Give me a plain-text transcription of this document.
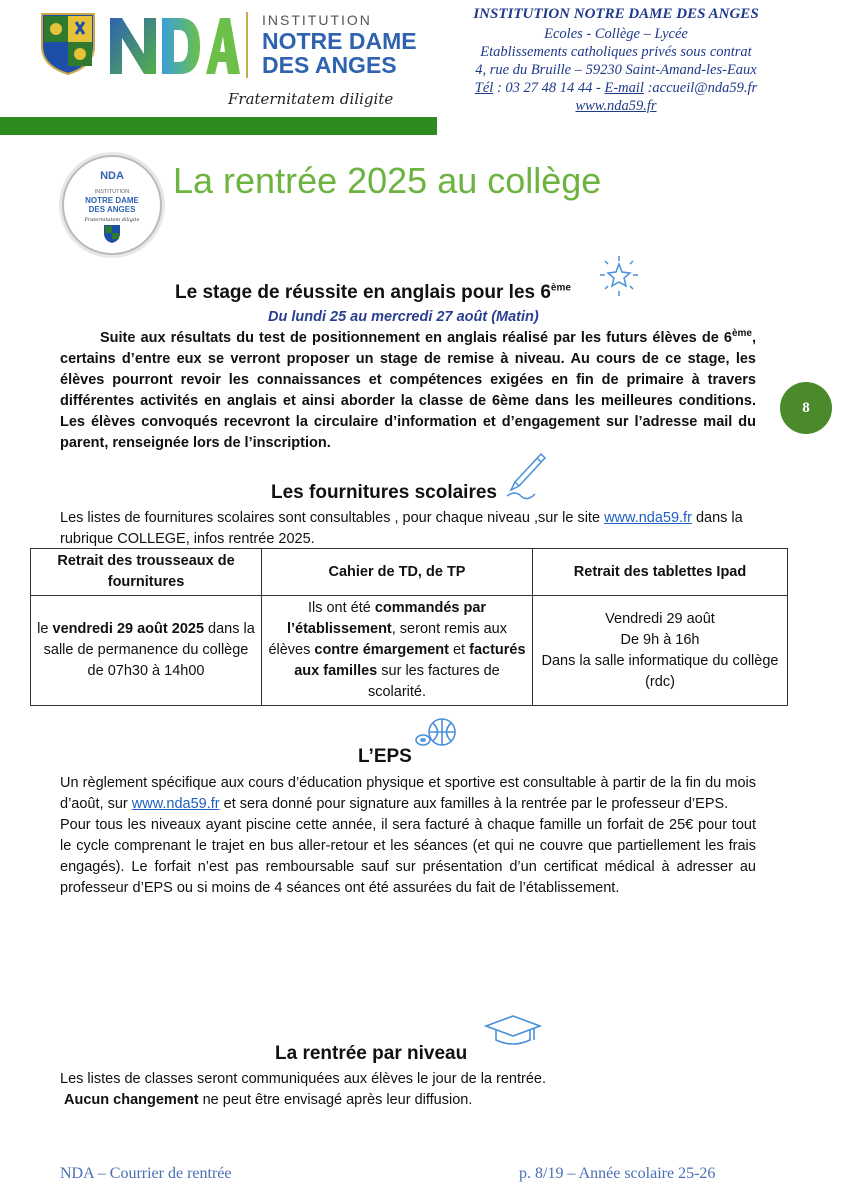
INSTITUTION
NOTRE DAME
DES ANGES
Fraternitatem diligite
INSTITUTION NOTRE DAME DES ANGES
Ecoles - Collège – Lycée
Etablissements catholiques privés sous contrat
4, rue du Bruille – 59230 Saint-Amand-les-Eaux
Tél : 03 27 48 14 44 - E-mail :accueil@nda59.fr
www.nda59.fr
NDA
INSTITUTION
NOTRE DAME
DES ANGES
Fraternitatem diligite
La rentrée 2025 au collège
Le stage de réussite en anglais pour les 6ème
Du lundi 25 au mercredi 27 août (Matin)
Suite aux résultats du test de positionnement en anglais réalisé par les futurs élèves de 6ème, certains d’entre eux se verront proposer un stage de remise à niveau. Au cours de ce stage, les élèves pourront revoir les connaissances et compétences exigées en fin de primaire à travers différentes activités en anglais et ainsi aborder la classe de 6ème dans les meilleures conditions. Les élèves convoqués recevront la circulaire d’information et d’engagement sur l’adresse mail du parent, renseignée lors de l’inscription.
8
Les fournitures scolaires
Les listes de fournitures scolaires sont consultables , pour chaque niveau ,sur le site www.nda59.fr dans la rubrique COLLEGE, infos rentrée 2025.
Retrait des trousseaux de fournitures	Cahier de TD, de TP	Retrait des tablettes Ipad
le vendredi 29 août 2025 dans la salle de permanence du collège de 07h30 à 14h00	Ils ont été commandés par l’établissement, seront remis aux élèves contre émargement et facturés aux familles sur les factures de scolarité.	Vendredi 29 août
De 9h à 16h
Dans la salle informatique du collège (rdc)
L’EPS
Un règlement spécifique aux cours d’éducation physique et sportive est consultable à partir de la fin du mois d’août, sur www.nda59.fr et sera donné pour signature aux familles à la rentrée par le professeur d’EPS.
Pour tous les niveaux ayant piscine cette année, il sera facturé à chaque famille un forfait de 25€ pour tout le cycle comprenant le trajet en bus aller-retour et les séances (et qui ne couvre que partiellement les frais engagés). Le forfait n’est pas remboursable sauf sur présentation d’un certificat médical à adresser au professeur d’EPS ou si moins de 4 séances ont été assurées du fait de l’établissement.
La rentrée par niveau
Les listes de classes seront communiquées aux élèves le jour de la rentrée.
Aucun changement ne peut être envisagé après leur diffusion.
NDA – Courrier de rentrée	p. 8/19 – Année scolaire 25-26
